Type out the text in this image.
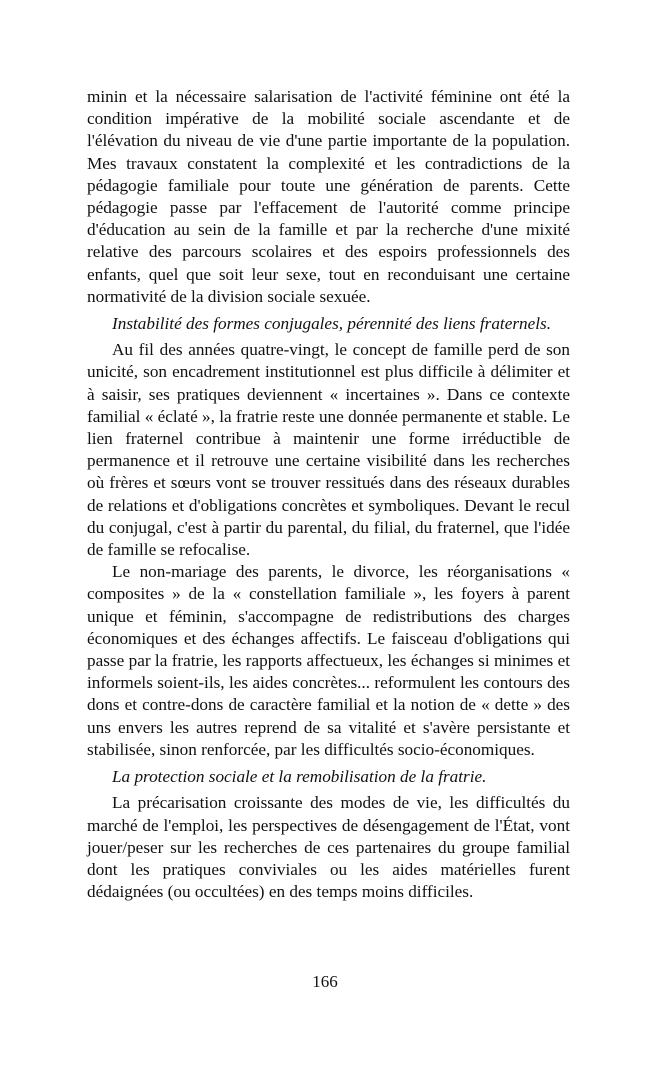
minin et la nécessaire salarisation de l'activité féminine ont été la condition impérative de la mobilité sociale ascendante et de l'élévation du niveau de vie d'une partie importante de la population. Mes travaux constatent la complexité et les contradictions de la pédagogie familiale pour toute une génération de parents. Cette pédagogie passe par l'effacement de l'autorité comme principe d'éducation au sein de la famille et par la recherche d'une mixité relative des parcours scolaires et des espoirs professionnels des enfants, quel que soit leur sexe, tout en reconduisant une certaine normativité de la division sociale sexuée.

Instabilité des formes conjugales, pérennité des liens fraternels.

Au fil des années quatre-vingt, le concept de famille perd de son unicité, son encadrement institutionnel est plus difficile à délimiter et à saisir, ses pratiques deviennent « incertaines ». Dans ce contexte familial « éclaté », la fratrie reste une donnée permanente et stable. Le lien fraternel contribue à maintenir une forme irréductible de permanence et il retrouve une certaine visibilité dans les recherches où frères et sœurs vont se trouver ressitués dans des réseaux durables de relations et d'obligations concrètes et symboliques. Devant le recul du conjugal, c'est à partir du parental, du filial, du fraternel, que l'idée de famille se refocalise.

Le non-mariage des parents, le divorce, les réorganisations « composites » de la « constellation familiale », les foyers à parent unique et féminin, s'accompagne de redistributions des charges économiques et des échanges affectifs. Le faisceau d'obligations qui passe par la fratrie, les rapports affectueux, les échanges si minimes et informels soient-ils, les aides concrètes... reformulent les contours des dons et contre-dons de caractère familial et la notion de « dette » des uns envers les autres reprend de sa vitalité et s'avère persistante et stabilisée, sinon renforcée, par les difficultés socio-économiques.

La protection sociale et la remobilisation de la fratrie.

La précarisation croissante des modes de vie, les difficultés du marché de l'emploi, les perspectives de désengagement de l'État, vont jouer/peser sur les recherches de ces partenaires du groupe familial dont les pratiques conviviales ou les aides matérielles furent dédaignées (ou occultées) en des temps moins difficiles.

166
